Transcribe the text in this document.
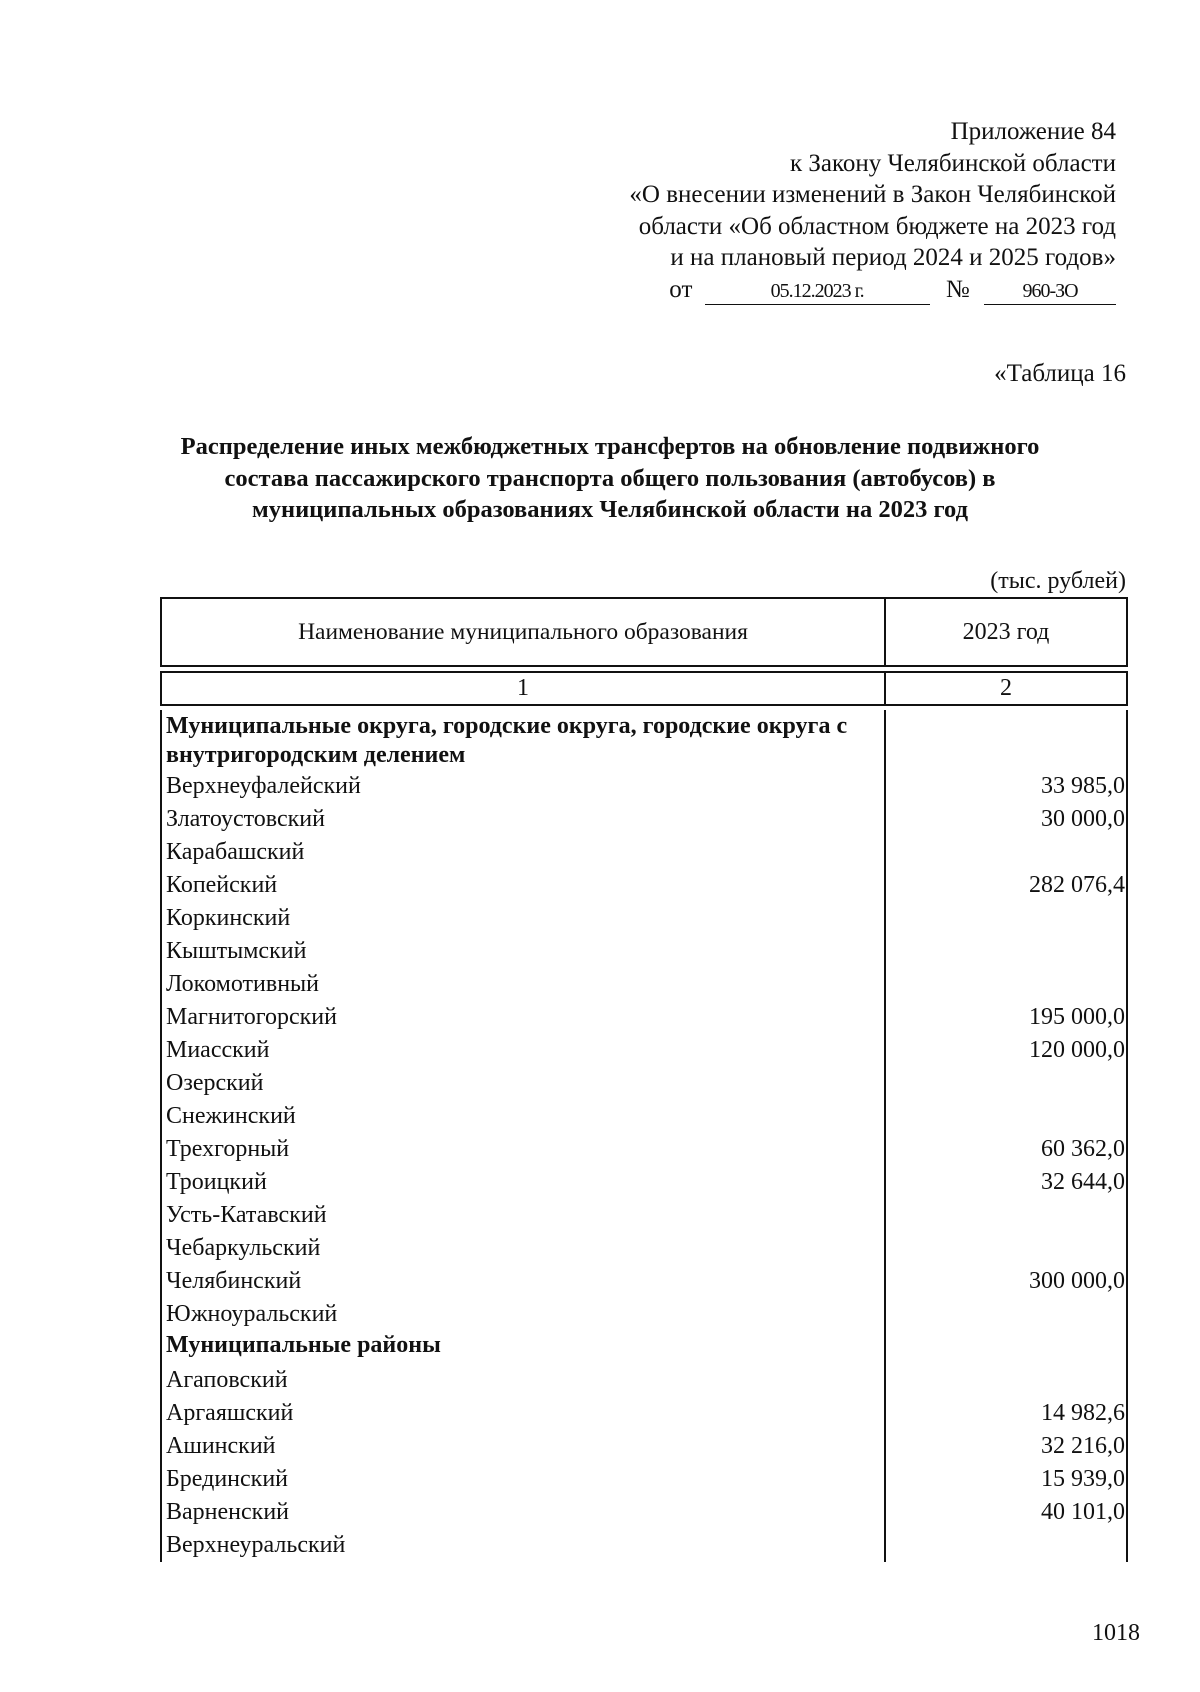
Приложение 84
к Закону Челябинской области
«О внесении изменений в Закон Челябинской
области «Об областном бюджете на 2023 год
и на плановый период 2024 и 2025 годов»
от	05.12.2023 г.	№	960-ЗО
«Таблица 16
Распределение иных межбюджетных трансфертов на обновление подвижного
состава пассажирского транспорта общего пользования (автобусов) в
муниципальных образованиях Челябинской области на 2023 год
(тыс. рублей)
Наименование муниципального образования	2023 год
1	2
Муниципальные округа, городские округа, городские округа с внутригородским делением
Верхнеуфалейский	33 985,0
Златоустовский	30 000,0
Карабашский
Копейский	282 076,4
Коркинский
Кыштымский
Локомотивный
Магнитогорский	195 000,0
Миасский	120 000,0
Озерский
Снежинский
Трехгорный	60 362,0
Троицкий	32 644,0
Усть-Катавский
Чебаркульский
Челябинский	300 000,0
Южноуральский
Муниципальные районы
Агаповский
Аргаяшский	14 982,6
Ашинский	32 216,0
Брединский	15 939,0
Варненский	40 101,0
Верхнеуральский
1018
